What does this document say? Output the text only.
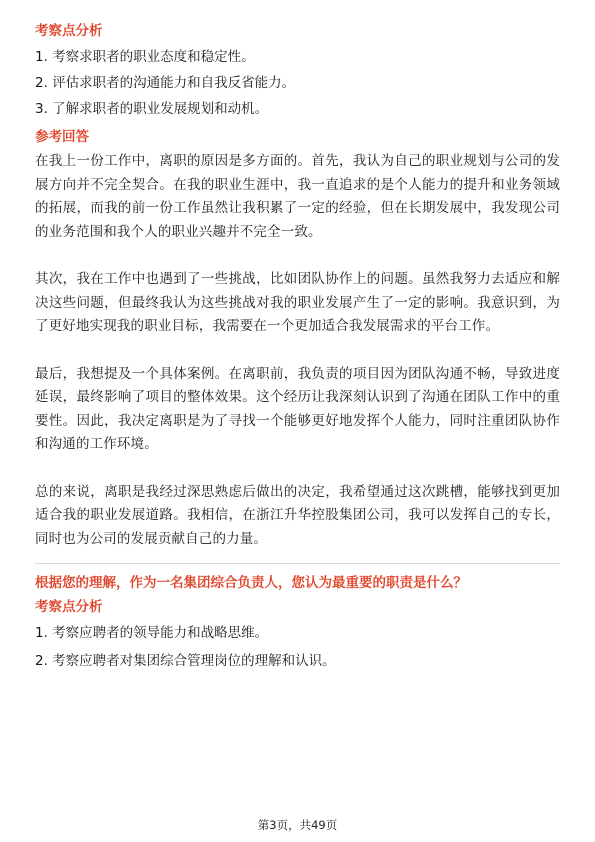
考察点分析
1. 考察求职者的职业态度和稳定性。
2. 评估求职者的沟通能力和自我反省能力。
3. 了解求职者的职业发展规划和动机。
参考回答

在我上一份工作中，离职的原因是多方面的。首先，我认为自己的职业规划与公司的发展方向并不完全契合。在我的职业生涯中，我一直追求的是个人能力的提升和业务领域的拓展，而我的前一份工作虽然让我积累了一定的经验，但在长期发展中，我发现公司的业务范围和我个人的职业兴趣并不完全一致。

其次，我在工作中也遇到了一些挑战，比如团队协作上的问题。虽然我努力去适应和解决这些问题，但最终我认为这些挑战对我的职业发展产生了一定的影响。我意识到，为了更好地实现我的职业目标，我需要在一个更加适合我发展需求的平台工作。

最后，我想提及一个具体案例。在离职前，我负责的项目因为团队沟通不畅，导致进度延误，最终影响了项目的整体效果。这个经历让我深刻认识到了沟通在团队工作中的重要性。因此，我决定离职是为了寻找一个能够更好地发挥个人能力，同时注重团队协作和沟通的工作环境。

总的来说，离职是我经过深思熟虑后做出的决定，我希望通过这次跳槽，能够找到更加适合我的职业发展道路。我相信，在浙江升华控股集团公司，我可以发挥自己的专长，同时也为公司的发展贡献自己的力量。

根据您的理解，作为一名集团综合负责人，您认为最重要的职责是什么？
考察点分析
1. 考察应聘者的领导能力和战略思维。
2. 考察应聘者对集团综合管理岗位的理解和认识。
第3页，共49页
